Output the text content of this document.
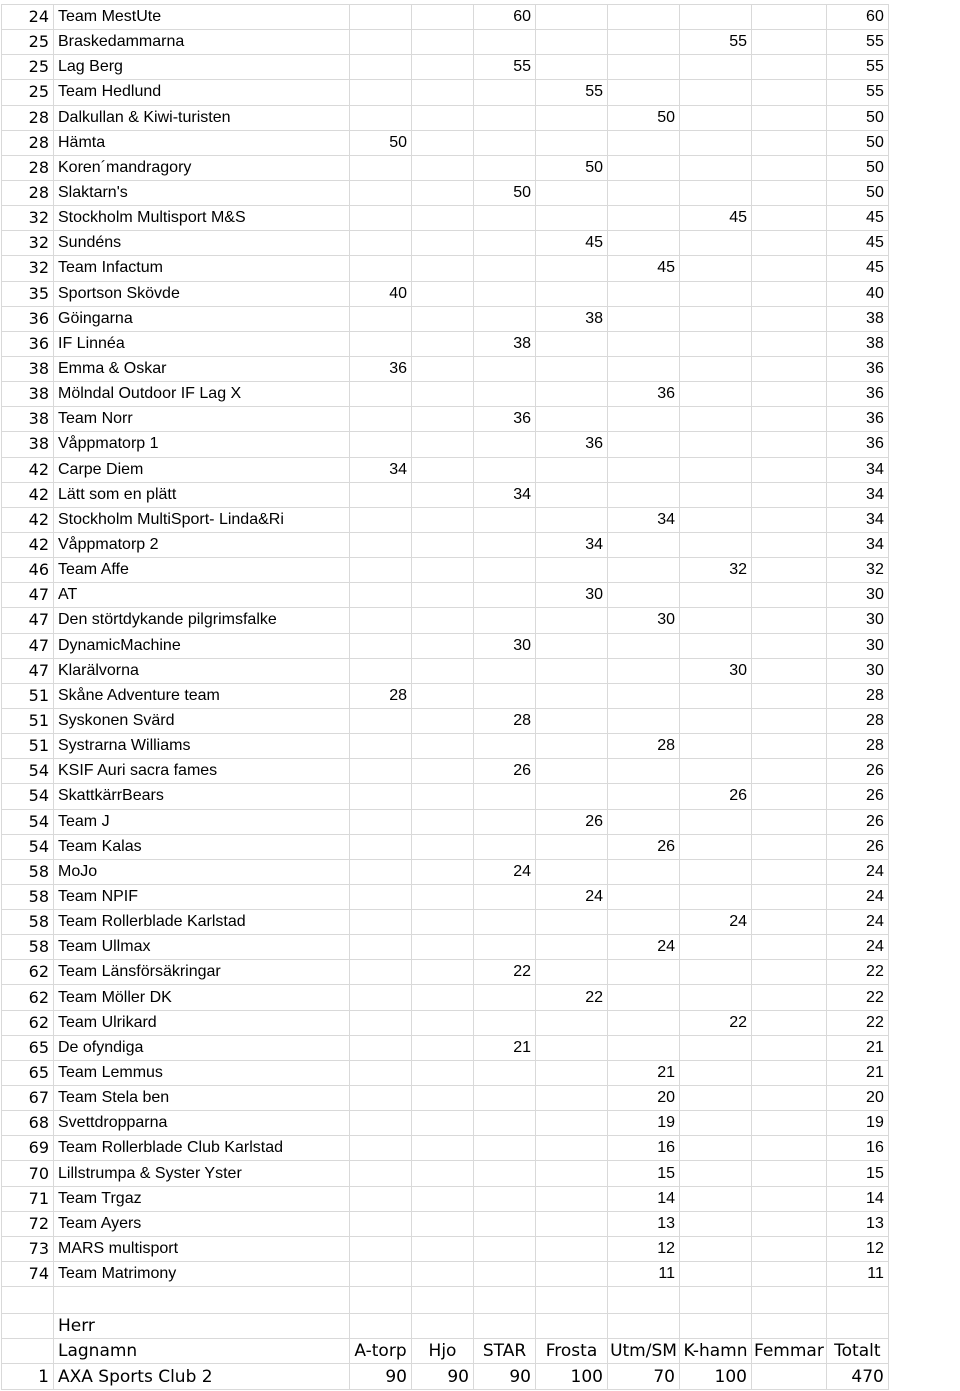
24	Team MestUte			60					60
25	Braskedammarna						55		55
25	Lag Berg			55					55
25	Team Hedlund				55				55
28	Dalkullan & Kiwi-turisten					50			50
28	Hämta	50							50
28	Koren´mandragory				50				50
28	Slaktarn's			50					50
32	Stockholm Multisport M&S						45		45
32	Sundéns				45				45
32	Team Infactum					45			45
35	Sportson Skövde	40							40
36	Göingarna				38				38
36	IF Linnéa			38					38
38	Emma & Oskar	36							36
38	Mölndal Outdoor IF Lag X					36			36
38	Team Norr			36					36
38	Våppmatorp 1				36				36
42	Carpe Diem	34							34
42	Lätt som en plätt			34					34
42	Stockholm MultiSport- Linda&Ri					34			34
42	Våppmatorp 2				34				34
46	Team Affe						32		32
47	AT				30				30
47	Den störtdykande pilgrimsfalke					30			30
47	DynamicMachine			30					30
47	Klarälvorna						30		30
51	Skåne Adventure team	28							28
51	Syskonen Svärd			28					28
51	Systrarna Williams					28			28
54	KSIF Auri sacra fames			26					26
54	SkattkärrBears						26		26
54	Team J				26				26
54	Team Kalas					26			26
58	MoJo			24					24
58	Team NPIF				24				24
58	Team Rollerblade Karlstad						24		24
58	Team Ullmax					24			24
62	Team Länsförsäkringar			22					22
62	Team Möller DK				22				22
62	Team Ulrikard						22		22
65	De ofyndiga			21					21
65	Team Lemmus					21			21
67	Team Stela ben					20			20
68	Svettdropparna					19			19
69	Team Rollerblade Club Karlstad					16			16
70	Lillstrumpa & Syster Yster					15			15
71	Team Trgaz					14			14
72	Team Ayers					13			13
73	MARS multisport					12			12
74	Team Matrimony					11			11

	Herr								
	Lagnamn	A-torp	Hjo	STAR	Frosta	Utm/SM	K-hamn	Femmar	Totalt
1	AXA Sports Club 2	90	90	90	100	70	100		470
